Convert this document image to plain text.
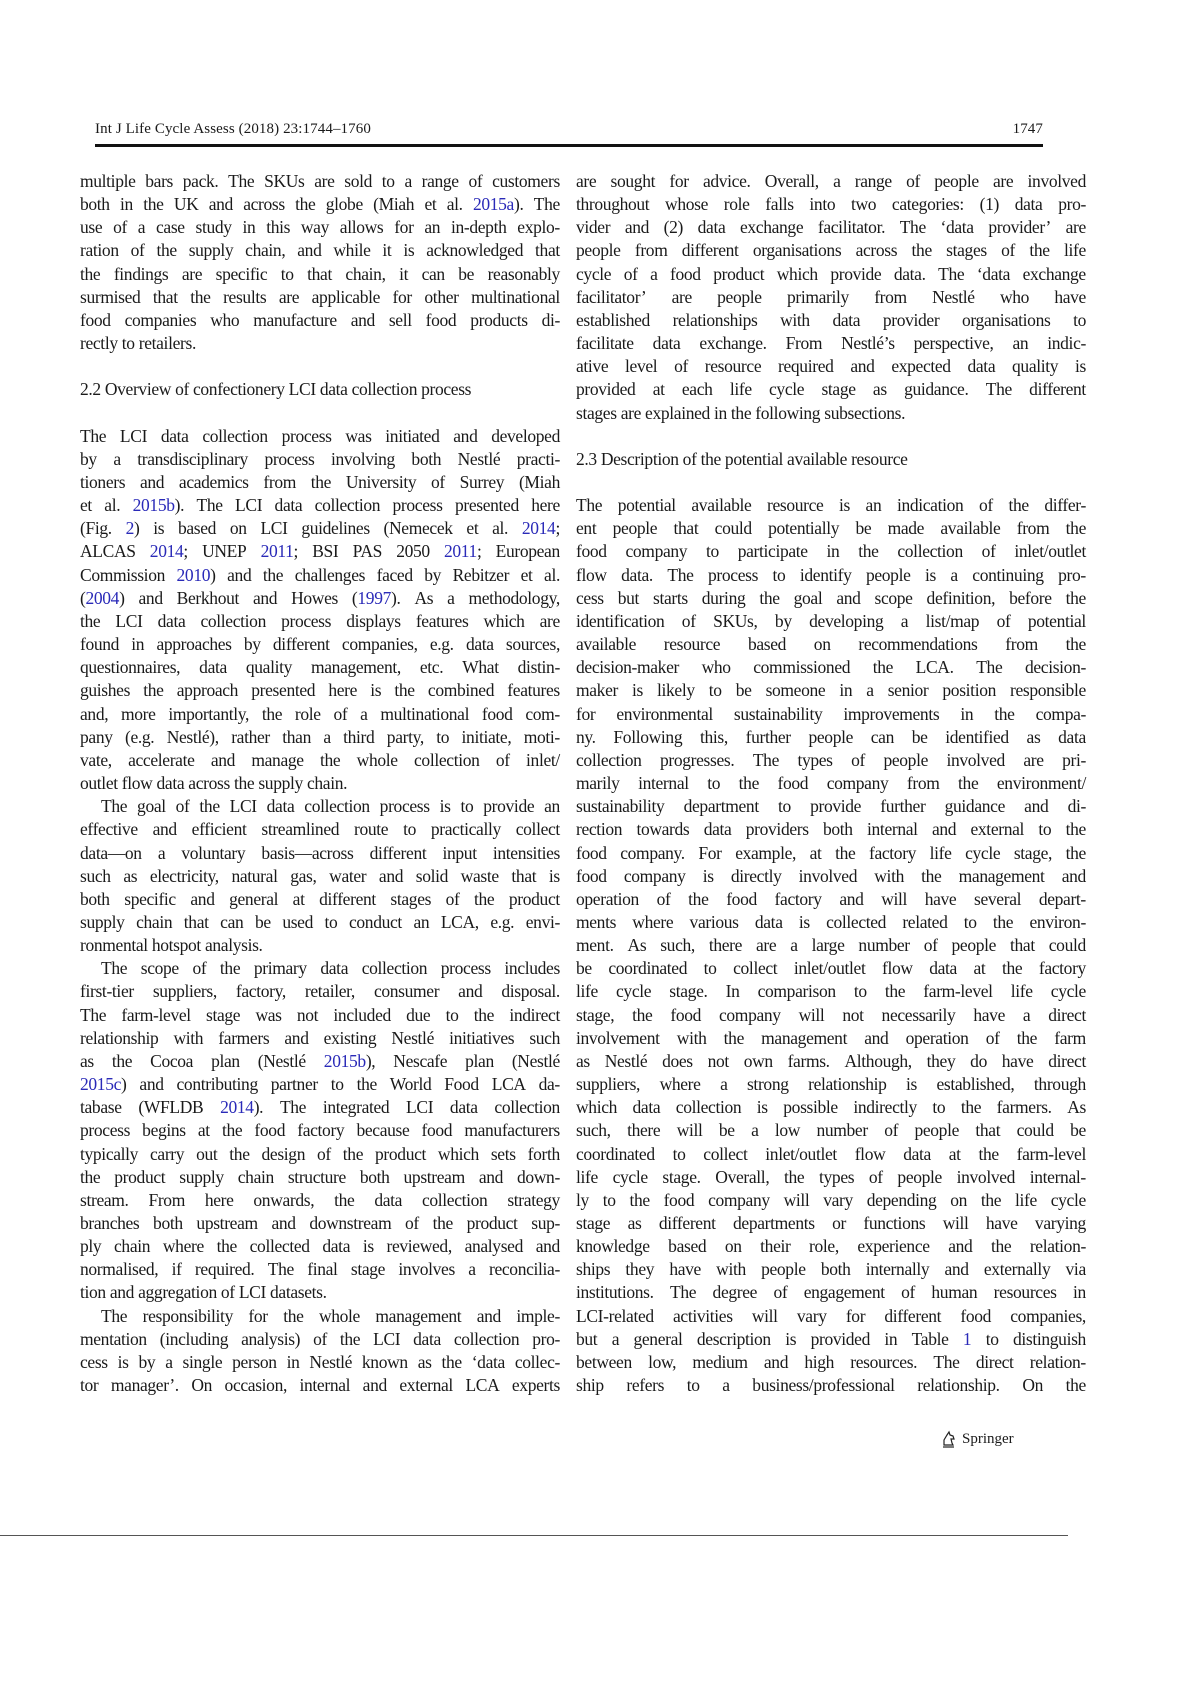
Int J Life Cycle Assess (2018) 23:1744–1760	1747
multiple bars pack. The SKUs are sold to a range of customers
both in the UK and across the globe (Miah et al. 2015a). The
use of a case study in this way allows for an in-depth explo-
ration of the supply chain, and while it is acknowledged that
the findings are specific to that chain, it can be reasonably
surmised that the results are applicable for other multinational
food companies who manufacture and sell food products di-
rectly to retailers.
2.2 Overview of confectionery LCI data collection process
The LCI data collection process was initiated and developed
by a transdisciplinary process involving both Nestlé practi-
tioners and academics from the University of Surrey (Miah
et al. 2015b). The LCI data collection process presented here
(Fig. 2) is based on LCI guidelines (Nemecek et al. 2014;
ALCAS 2014; UNEP 2011; BSI PAS 2050 2011; European
Commission 2010) and the challenges faced by Rebitzer et al.
(2004) and Berkhout and Howes (1997). As a methodology,
the LCI data collection process displays features which are
found in approaches by different companies, e.g. data sources,
questionnaires, data quality management, etc. What distin-
guishes the approach presented here is the combined features
and, more importantly, the role of a multinational food com-
pany (e.g. Nestlé), rather than a third party, to initiate, moti-
vate, accelerate and manage the whole collection of inlet/
outlet flow data across the supply chain.
The goal of the LCI data collection process is to provide an
effective and efficient streamlined route to practically collect
data—on a voluntary basis—across different input intensities
such as electricity, natural gas, water and solid waste that is
both specific and general at different stages of the product
supply chain that can be used to conduct an LCA, e.g. envi-
ronmental hotspot analysis.
The scope of the primary data collection process includes
first-tier suppliers, factory, retailer, consumer and disposal.
The farm-level stage was not included due to the indirect
relationship with farmers and existing Nestlé initiatives such
as the Cocoa plan (Nestlé 2015b), Nescafe plan (Nestlé
2015c) and contributing partner to the World Food LCA da-
tabase (WFLDB 2014). The integrated LCI data collection
process begins at the food factory because food manufacturers
typically carry out the design of the product which sets forth
the product supply chain structure both upstream and down-
stream. From here onwards, the data collection strategy
branches both upstream and downstream of the product sup-
ply chain where the collected data is reviewed, analysed and
normalised, if required. The final stage involves a reconcilia-
tion and aggregation of LCI datasets.
The responsibility for the whole management and imple-
mentation (including analysis) of the LCI data collection pro-
cess is by a single person in Nestlé known as the ‘data collec-
tor manager’. On occasion, internal and external LCA experts
are sought for advice. Overall, a range of people are involved
throughout whose role falls into two categories: (1) data pro-
vider and (2) data exchange facilitator. The ‘data provider’ are
people from different organisations across the stages of the life
cycle of a food product which provide data. The ‘data exchange
facilitator’ are people primarily from Nestlé who have
established relationships with data provider organisations to
facilitate data exchange. From Nestlé’s perspective, an indic-
ative level of resource required and expected data quality is
provided at each life cycle stage as guidance. The different
stages are explained in the following subsections.
2.3 Description of the potential available resource
The potential available resource is an indication of the differ-
ent people that could potentially be made available from the
food company to participate in the collection of inlet/outlet
flow data. The process to identify people is a continuing pro-
cess but starts during the goal and scope definition, before the
identification of SKUs, by developing a list/map of potential
available resource based on recommendations from the
decision-maker who commissioned the LCA. The decision-
maker is likely to be someone in a senior position responsible
for environmental sustainability improvements in the compa-
ny. Following this, further people can be identified as data
collection progresses. The types of people involved are pri-
marily internal to the food company from the environment/
sustainability department to provide further guidance and di-
rection towards data providers both internal and external to the
food company. For example, at the factory life cycle stage, the
food company is directly involved with the management and
operation of the food factory and will have several depart-
ments where various data is collected related to the environ-
ment. As such, there are a large number of people that could
be coordinated to collect inlet/outlet flow data at the factory
life cycle stage. In comparison to the farm-level life cycle
stage, the food company will not necessarily have a direct
involvement with the management and operation of the farm
as Nestlé does not own farms. Although, they do have direct
suppliers, where a strong relationship is established, through
which data collection is possible indirectly to the farmers. As
such, there will be a low number of people that could be
coordinated to collect inlet/outlet flow data at the farm-level
life cycle stage. Overall, the types of people involved internal-
ly to the food company will vary depending on the life cycle
stage as different departments or functions will have varying
knowledge based on their role, experience and the relation-
ships they have with people both internally and externally via
institutions. The degree of engagement of human resources in
LCI-related activities will vary for different food companies,
but a general description is provided in Table 1 to distinguish
between low, medium and high resources. The direct relation-
ship refers to a business/professional relationship. On the
Springer
